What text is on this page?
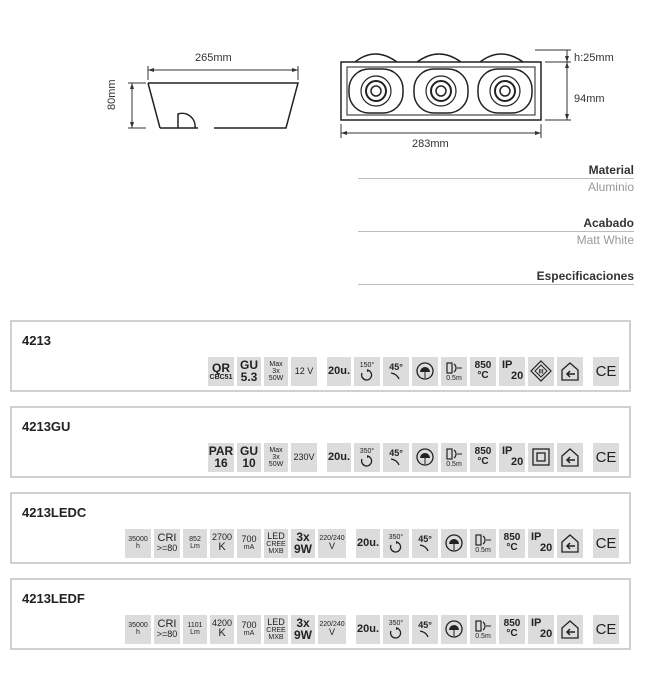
265mm
80mm
h:25mm
94mm
283mm
Material
Aluminio
Acabado
Matt White
Especificaciones
4213
QR
CBC51
GU
5.3
Max
3x
50W
12 V 20u. 150° 45°
0.5m
850
°C
IP
20	III	CE
4213GU
PAR
16
GU
10
Max
3x
50W
230V 20u. 350° 45°
0.5m
850
°C
IP
20	CE
4213LEDC
35000
h
CRI
>=80
852
Lm
2700
K
700
mA
LED
CREE
MXB
3x
9W
220/240
V 20u. 350° 45°
0.5m
850
°C
IP
20	CE
4213LEDF
35000
h
CRI
>=80
1101
Lm
4200
K
700
mA
LED
CREE
MXB
3x
9W
220/240
V 20u. 350° 45°
0.5m
850
°C
IP
20	CE
